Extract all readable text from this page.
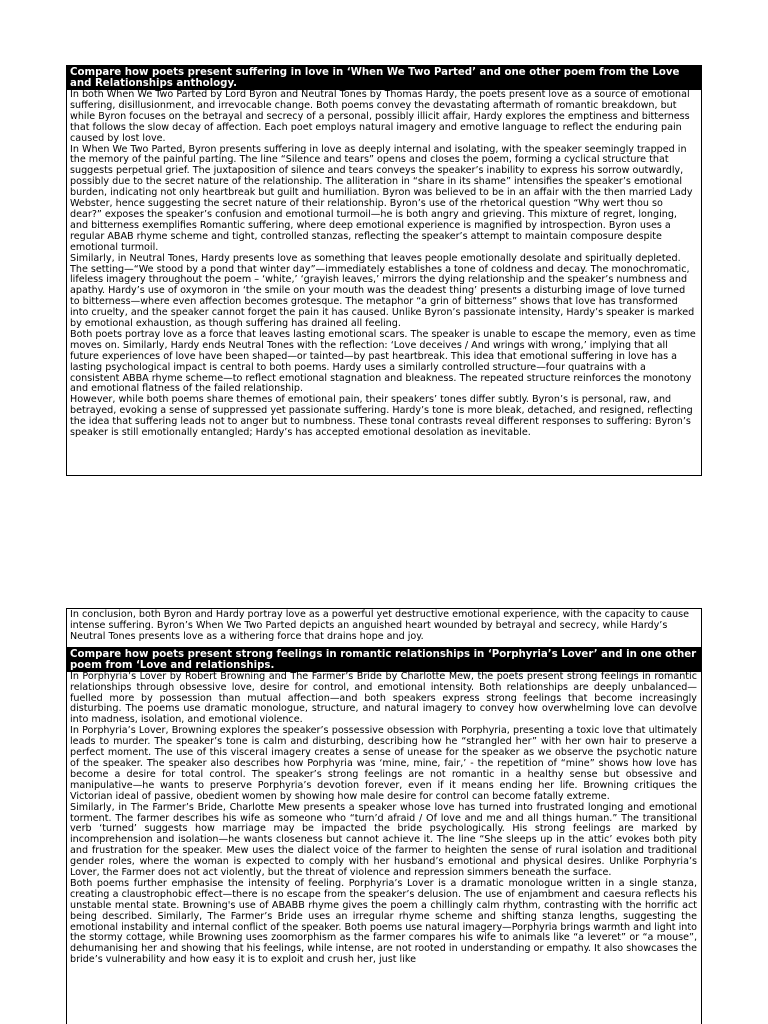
Compare how poets present suffering in love in ‘When We Two Parted’ and one other poem from the Love and Relationships anthology.

In both When We Two Parted by Lord Byron and Neutral Tones by Thomas Hardy, the poets present love as a source of emotional suffering, disillusionment, and irrevocable change. Both poems convey the devastating aftermath of romantic breakdown, but while Byron focuses on the betrayal and secrecy of a personal, possibly illicit affair, Hardy explores the emptiness and bitterness that follows the slow decay of affection. Each poet employs natural imagery and emotive language to reflect the enduring pain caused by lost love.

In When We Two Parted, Byron presents suffering in love as deeply internal and isolating, with the speaker seemingly trapped in the memory of the painful parting. The line “Silence and tears” opens and closes the poem, forming a cyclical structure that suggests perpetual grief. The juxtaposition of silence and tears conveys the speaker’s inability to express his sorrow outwardly, possibly due to the secret nature of the relationship. The alliteration in “share in its shame” intensifies the speaker’s emotional burden, indicating not only heartbreak but guilt and humiliation. Byron was believed to be in an affair with the then married Lady Webster, hence suggesting the secret nature of their relationship. Byron’s use of the rhetorical question “Why wert thou so dear?” exposes the speaker’s confusion and emotional turmoil—he is both angry and grieving. This mixture of regret, longing, and bitterness exemplifies Romantic suffering, where deep emotional experience is magnified by introspection. Byron uses a regular ABAB rhyme scheme and tight, controlled stanzas, reflecting the speaker’s attempt to maintain composure despite emotional turmoil.

Similarly, in Neutral Tones, Hardy presents love as something that leaves people emotionally desolate and spiritually depleted. The setting—“We stood by a pond that winter day”—immediately establishes a tone of coldness and decay. The monochromatic, lifeless imagery throughout the poem – ‘white,’ ‘grayish leaves,’ mirrors the dying relationship and the speaker’s numbness and apathy. Hardy’s use of oxymoron in ‘the smile on your mouth was the deadest thing’ presents a disturbing image of love turned to bitterness—where even affection becomes grotesque. The metaphor “a grin of bitterness” shows that love has transformed into cruelty, and the speaker cannot forget the pain it has caused. Unlike Byron’s passionate intensity, Hardy’s speaker is marked by emotional exhaustion, as though suffering has drained all feeling.

Both poets portray love as a force that leaves lasting emotional scars. The speaker is unable to escape the memory, even as time moves on. Similarly, Hardy ends Neutral Tones with the reflection: ‘Love deceives / And wrings with wrong,’ implying that all future experiences of love have been shaped—or tainted—by past heartbreak. This idea that emotional suffering in love has a lasting psychological impact is central to both poems. Hardy uses a similarly controlled structure—four quatrains with a consistent ABBA rhyme scheme—to reflect emotional stagnation and bleakness. The repeated structure reinforces the monotony and emotional flatness of the failed relationship.

However, while both poems share themes of emotional pain, their speakers’ tones differ subtly. Byron’s is personal, raw, and betrayed, evoking a sense of suppressed yet passionate suffering. Hardy’s tone is more bleak, detached, and resigned, reflecting the idea that suffering leads not to anger but to numbness. These tonal contrasts reveal different responses to suffering: Byron’s speaker is still emotionally entangled; Hardy’s has accepted emotional desolation as inevitable.

In conclusion, both Byron and Hardy portray love as a powerful yet destructive emotional experience, with the capacity to cause intense suffering. Byron’s When We Two Parted depicts an anguished heart wounded by betrayal and secrecy, while Hardy’s Neutral Tones presents love as a withering force that drains hope and joy.

Compare how poets present strong feelings in romantic relationships in ‘Porphyria’s Lover’ and in one other poem from ‘Love and relationships.

In Porphyria’s Lover by Robert Browning and The Farmer’s Bride by Charlotte Mew, the poets present strong feelings in romantic relationships through obsessive love, desire for control, and emotional intensity. Both relationships are deeply unbalanced—fuelled more by possession than mutual affection—and both speakers express strong feelings that become increasingly disturbing. The poems use dramatic monologue, structure, and natural imagery to convey how overwhelming love can devolve into madness, isolation, and emotional violence.

In Porphyria’s Lover, Browning explores the speaker’s possessive obsession with Porphyria, presenting a toxic love that ultimately leads to murder. The speaker’s tone is calm and disturbing, describing how he “strangled her” with her own hair to preserve a perfect moment. The use of this visceral imagery creates a sense of unease for the speaker as we observe the psychotic nature of the speaker. The speaker also describes how Porphyria was ‘mine, mine, fair,’ - the repetition of “mine” shows how love has become a desire for total control. The speaker’s strong feelings are not romantic in a healthy sense but obsessive and manipulative—he wants to preserve Porphyria’s devotion forever, even if it means ending her life. Browning critiques the Victorian ideal of passive, obedient women by showing how male desire for control can become fatally extreme.

Similarly, in The Farmer’s Bride, Charlotte Mew presents a speaker whose love has turned into frustrated longing and emotional torment. The farmer describes his wife as someone who “turn’d afraid / Of love and me and all things human.” The transitional verb ‘turned’ suggests how marriage may be impacted the bride psychologically. His strong feelings are marked by incomprehension and isolation—he wants closeness but cannot achieve it. The line “She sleeps up in the attic’ evokes both pity and frustration for the speaker. Mew uses the dialect voice of the farmer to heighten the sense of rural isolation and traditional gender roles, where the woman is expected to comply with her husband’s emotional and physical desires. Unlike Porphyria’s Lover, the Farmer does not act violently, but the threat of violence and repression simmers beneath the surface.

Both poems further emphasise the intensity of feeling. Porphyria’s Lover is a dramatic monologue written in a single stanza, creating a claustrophobic effect—there is no escape from the speaker’s delusion. The use of enjambment and caesura reflects his unstable mental state. Browning's use of ABABB rhyme gives the poem a chillingly calm rhythm, contrasting with the horrific act being described. Similarly, The Farmer’s Bride uses an irregular rhyme scheme and shifting stanza lengths, suggesting the emotional instability and internal conflict of the speaker. Both poems use natural imagery—Porphyria brings warmth and light into the stormy cottage, while Browning uses zoomorphism as the farmer compares his wife to animals like “a leveret” or “a mouse”, dehumanising her and showing that his feelings, while intense, are not rooted in understanding or empathy. It also showcases the bride’s vulnerability and how easy it is to exploit and crush her, just like
